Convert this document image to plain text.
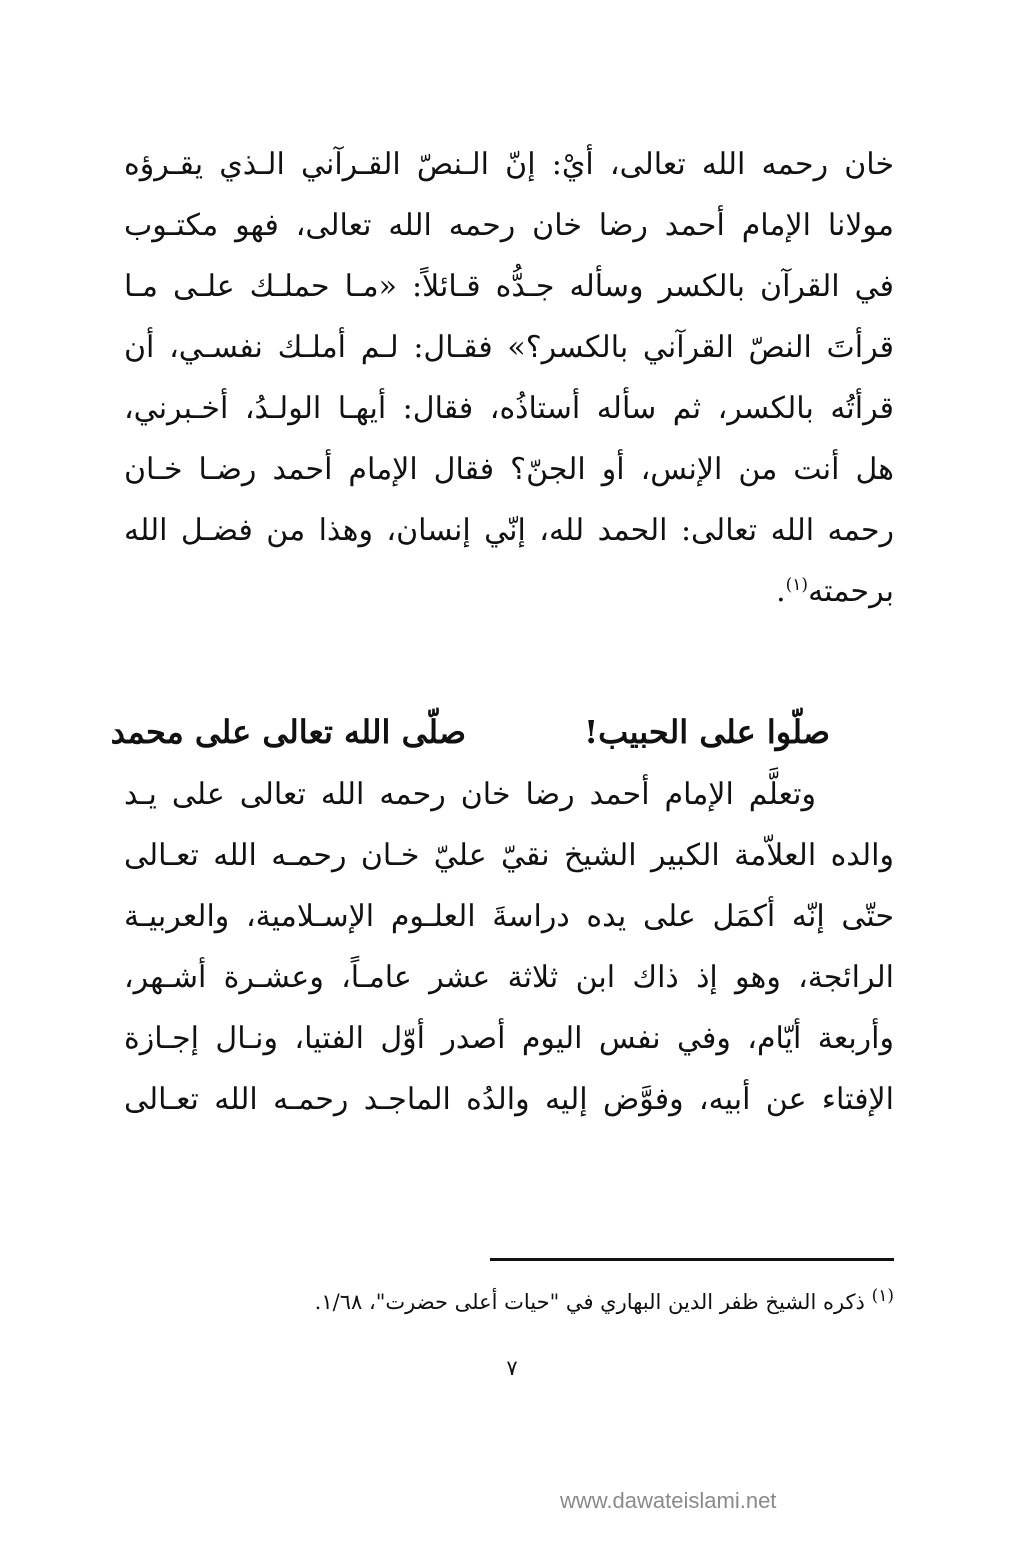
خان رحمه الله تعالى، أيْ: إنّ الـنصّ القـرآني الـذي يقـرؤه
مولانا الإمام أحمد رضا خان رحمه الله تعالى، فهو مكتـوب
في القرآن بالكسر وسأله جـدُّه قـائلاً: «مـا حملـك علـى مـا
قرأتَ النصّ القرآني بالكسر؟» فقـال: لـم أملـك نفسـي، أن
قرأتُه بالكسر، ثم سأله أستاذُه، فقال: أيهـا الولـدُ، أخـبرني،
هل أنت من الإنس، أو الجنّ؟ فقال الإمام أحمد رضـا خـان
رحمه الله تعالى: الحمد لله، إنّي إنسان، وهذا من فضـل الله
برحمته$^{(١)}$.
صلّوا على الحبيب!
صلّى الله تعالى على محمد
وتعلَّم الإمام أحمد رضا خان رحمه الله تعالى على يـد
والده العلاّمة الكبير الشيخ نقيّ عليّ خـان رحمـه الله تعـالى
حتّى إنّه أكمَل على يده دراسةَ العلـوم الإسـلامية، والعربيـة
الرائجة، وهو إذ ذاك ابن ثلاثة عشر عامـاً، وعشـرة أشـهر،
وأربعة أيّام، وفي نفس اليوم أصدر أوّل الفتيا، ونـال إجـازة
الإفتاء عن أبيه، وفوَّض إليه والدُه الماجـد رحمـه الله تعـالى
$^{(١)}$ ذكره الشيخ ظفر الدين البهاري في "حيات أعلى حضرت"، ١/٦٨.
٧
www.dawateislami.net
